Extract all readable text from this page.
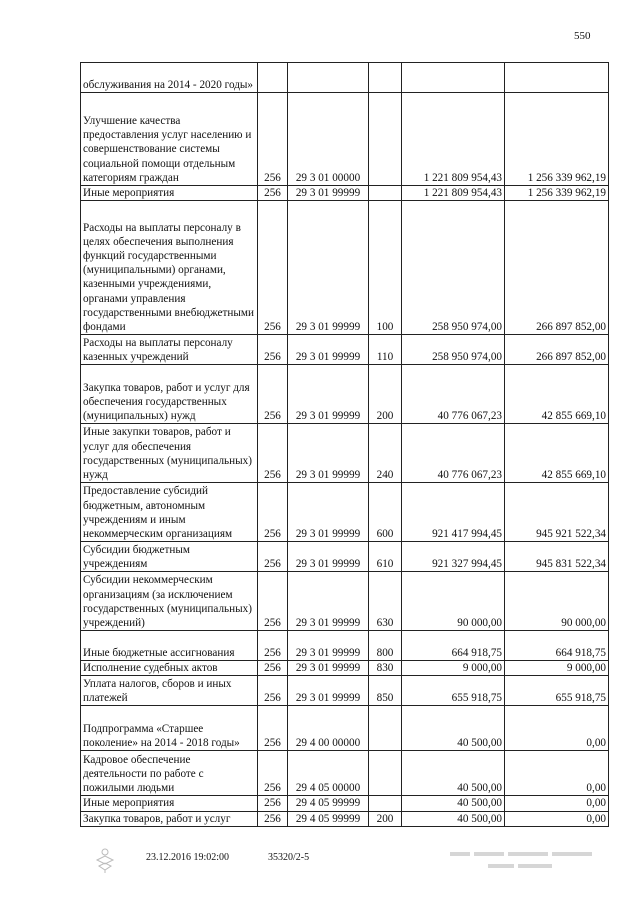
550
обслуживания на 2014 - 2020 годы»					
Улучшение качества предоставления услуг населению и совершенствование системы социальной помощи отдельным категориям граждан	256	29 3 01 00000		1 221 809 954,43	1 256 339 962,19
Иные мероприятия	256	29 3 01 99999		1 221 809 954,43	1 256 339 962,19
Расходы на выплаты персоналу в целях обеспечения выполнения функций государственными (муниципальными) органами, казенными учреждениями, органами управления государственными внебюджетными фондами	256	29 3 01 99999	100	258 950 974,00	266 897 852,00
Расходы на выплаты персоналу казенных учреждений	256	29 3 01 99999	110	258 950 974,00	266 897 852,00
Закупка товаров, работ и услуг для обеспечения государственных (муниципальных) нужд	256	29 3 01 99999	200	40 776 067,23	42 855 669,10
Иные закупки товаров, работ и услуг для обеспечения государственных (муниципальных) нужд	256	29 3 01 99999	240	40 776 067,23	42 855 669,10
Предоставление субсидий бюджетным, автономным учреждениям и иным некоммерческим организациям	256	29 3 01 99999	600	921 417 994,45	945 921 522,34
Субсидии бюджетным учреждениям	256	29 3 01 99999	610	921 327 994,45	945 831 522,34
Субсидии некоммерческим организациям (за исключением государственных (муниципальных) учреждений)	256	29 3 01 99999	630	90 000,00	90 000,00
Иные бюджетные ассигнования	256	29 3 01 99999	800	664 918,75	664 918,75
Исполнение судебных актов	256	29 3 01 99999	830	9 000,00	9 000,00
Уплата налогов, сборов и иных платежей	256	29 3 01 99999	850	655 918,75	655 918,75
Подпрограмма «Старшее поколение» на 2014 - 2018 годы»	256	29 4 00 00000		40 500,00	0,00
Кадровое обеспечение деятельности по работе с пожилыми людьми	256	29 4 05 00000		40 500,00	0,00
Иные мероприятия	256	29 4 05 99999		40 500,00	0,00
Закупка товаров, работ и услуг	256	29 4 05 99999	200	40 500,00	0,00
23.12.2016 19:02:00	35320/2-5
